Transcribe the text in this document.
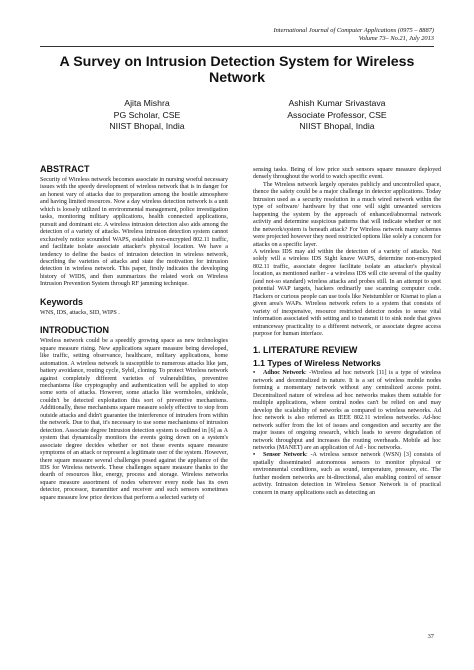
International Journal of Computer Applications (0975 – 8887)
Volume 73– No.21, July 2013
A Survey on Intrusion Detection System for Wireless Network
Ajita Mishra
PG Scholar, CSE
NIIST Bhopal, India
Ashish Kumar Srivastava
Associate Professor, CSE
NIIST Bhopal, India
ABSTRACT

Security of Wireless network becomes associate in nursing woeful necessary issues with the speedy development of wireless network that is in danger for an honest vary of attacks due to preparation among the hostile atmosphere and having limited resources. Now a day wireless detection network is a unit which is loosely utilized in environmental management, police investigation tasks, monitoring military applications, health connected applications, pursuit and dominant etc. A wireless intrusion detection also aids among the detection of a variety of attacks. Wireless intrusion detection system cannot exclusively notice scoundrel WAPS, establish non-encrypted 802.11 traffic, and facilitate isolate associate attacker's physical location. We have a tendency to define the basics of intrusion detection in wireless network, describing the varieties of attacks and state the motivation for intrusion detection in wireless network. This paper, firstly indicates the developing history of WIDS, and then summarizes the related work on Wireless Intrusion Prevention System through RF jamming technique.

Keywords

WNS, IDS, attacks, SID, WIPS .

INTRODUCTION

Wireless network could be a speedily growing space as new technologies square measure rising. New applications square measure being developed, like traffic, setting observance, healthcare, military applications, home automation. A wireless network is susceptible to numerous attacks like jam, battery avoidance, routing cycle, Sybil, cloning. To protect Wireless network against completely different varieties of vulnerabilities, preventive mechanisms like cryptography and authentication will be applied to stop some sorts of attacks. However, some attacks like wormholes, sinkhole, couldn't be detected exploitation this sort of preventive mechanisms. Additionally, these mechanisms square measure solely effective to stop from outside attacks and didn't guarantee the interference of intruders from within the network. Due to that, it's necessary to use some mechanisms of intrusion detection. Associate degree Intrusion detection system is outlined in [6] as A system that dynamically monitors the events going down on a system's associate degree decides whether or not these events square measure symptoms of an attack or represent a legitimate user of the system. However, there square measure several challenges posed against the appliance of the IDS for Wireless network. These challenges square measure thanks to the dearth of resources like, energy, process and storage. Wireless networks square measure assortment of nodes wherever every node has its own detector, processor, transmitter and receiver and such sensors sometimes square measure low price devices that perform a selected variety of

sensing tasks. Being of low price such sensors square measure deployed densely throughout the world to watch specific event.

The Wireless network largely operates publicly and uncontrolled space, thence the safety could be a major challenge in detector applications. Today Intrusion used as a security resolution in a much wired network within the type of software/ hardware by that one will sight unwanted services happening the system by the approach of enhanced/abnormal network activity and determine suspicious patterns that will indicate whether or not the network/system is beneath attack? For Wireless network many schemes were projected however they need restricted options like solely a concern for attacks on a specific layer.

A wireless IDS may aid within the detection of a variety of attacks. Not solely will a wireless IDS Sight knave WAPS, determine non-encrypted 802.11 traffic, associate degree facilitate isolate an attacker's physical location, as mentioned earlier - a wireless IDS will cite several of the quality (and not-so standard) wireless attacks and probes still. In an attempt to spot potential WAP targets, hackers ordinarily use scanning computer code. Hackers or curious people can use tools like Netstumbler or Kismat to plan a given area's WAPs. Wireless network refers to a system that consists of variety of inexpensive, resource restricted detector nodes to sense vital information associated with setting and to transmit it to sink node that gives entranceway practicality to a different network, or associate degree access purpose for human interface.

1. LITERATURE REVIEW
1.1 Types of Wireless Networks

• Adhoc Network: -Wireless ad hoc network [11] is a type of wireless network and decentralized in nature. It is a set of wireless mobile nodes forming a momentary network without any centralized access point. Decentralized nature of wireless ad hoc networks makes them suitable for multiple applications, where central nodes can't be relied on and may develop the scalability of networks as compared to wireless networks. Ad hoc network is also referred as IEEE 802.11 wireless networks. Ad-hoc network suffer from the lot of issues and congestion and security are the major issues of ongoing research, which leads to severe degradation of network throughput and increases the routing overheads. Mobile ad hoc networks (MANET) are an application of Ad - hoc networks.

• Sensor Network: -A wireless sensor network (WSN) [3] consists of spatially disseminated autonomous sensors to monitor physical or environmental conditions, such as sound, temperature, pressure, etc. The further modern networks are bi-directional, also enabling control of sensor activity. Intrusion detection in Wireless Sensor Network is of practical concern in many applications such as detecting an

37
